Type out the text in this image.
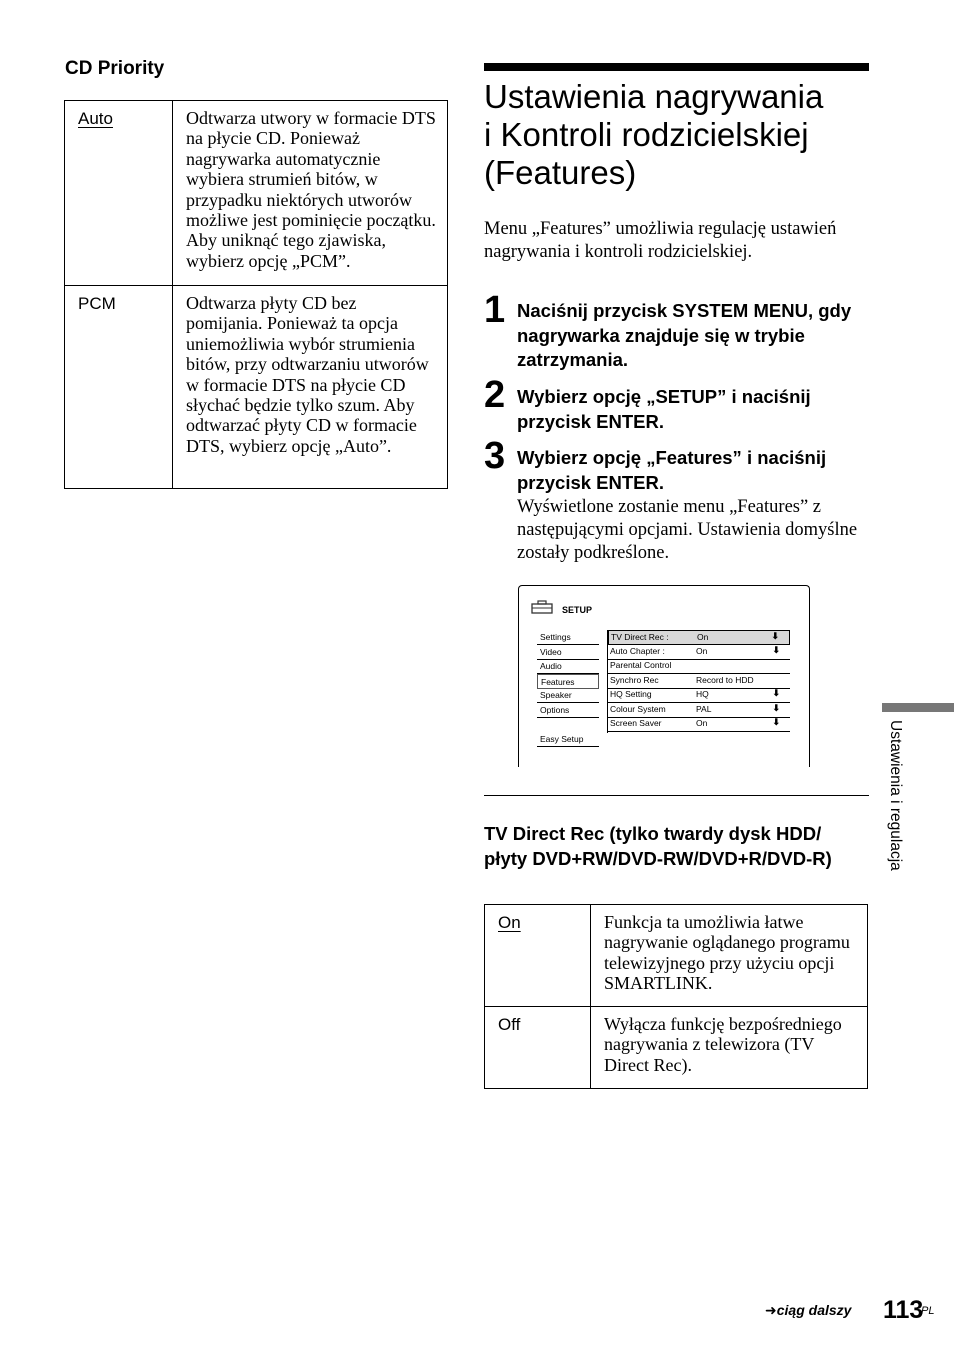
CD Priority
Auto	Odtwarza utwory w formacie DTS na płycie CD. Ponieważ nagrywarka automatycznie wybiera strumień bitów, w przypadku niektórych utworów możliwe jest pominięcie początku. Aby uniknąć tego zjawiska, wybierz opcję „PCM”.
PCM	Odtwarza płyty CD bez pomijania. Ponieważ ta opcja uniemożliwia wybór strumienia bitów, przy odtwarzaniu utworów w formacie DTS na płycie CD słychać będzie tylko szum. Aby odtwarzać płyty CD w formacie DTS, wybierz opcję „Auto”.
Ustawienia nagrywania
i Kontroli rodzicielskiej
(Features)
Menu „Features” umożliwia regulację ustawień nagrywania i kontroli rodzicielskiej.
1 Naciśnij przycisk SYSTEM MENU, gdy nagrywarka znajduje się w trybie zatrzymania.
2 Wybierz opcję „SETUP” i naciśnij przycisk ENTER.
3 Wybierz opcję „Features” i naciśnij przycisk ENTER.
Wyświetlone zostanie menu „Features” z następującymi opcjami. Ustawienia domyślne zostały podkreślone.
SETUP
Settings
Video
Audio
Features
Speaker
Options
Easy Setup
TV Direct Rec :	On	⬇
Auto Chapter :	On	⬇
Parental Control
Synchro Rec	Record to HDD
HQ Setting	HQ	⬇
Colour System	PAL	⬇
Screen Saver	On	⬇
TV Direct Rec (tylko twardy dysk HDD/ płyty DVD+RW/DVD-RW/DVD+R/DVD-R)
On	Funkcja ta umożliwia łatwe nagrywanie oglądanego programu telewizyjnego przy użyciu opcji SMARTLINK.
Off	Wyłącza funkcję bezpośredniego nagrywania z telewizora (TV Direct Rec).
Ustawienia i regulacja
➜ciąg dalszy 113
PL
